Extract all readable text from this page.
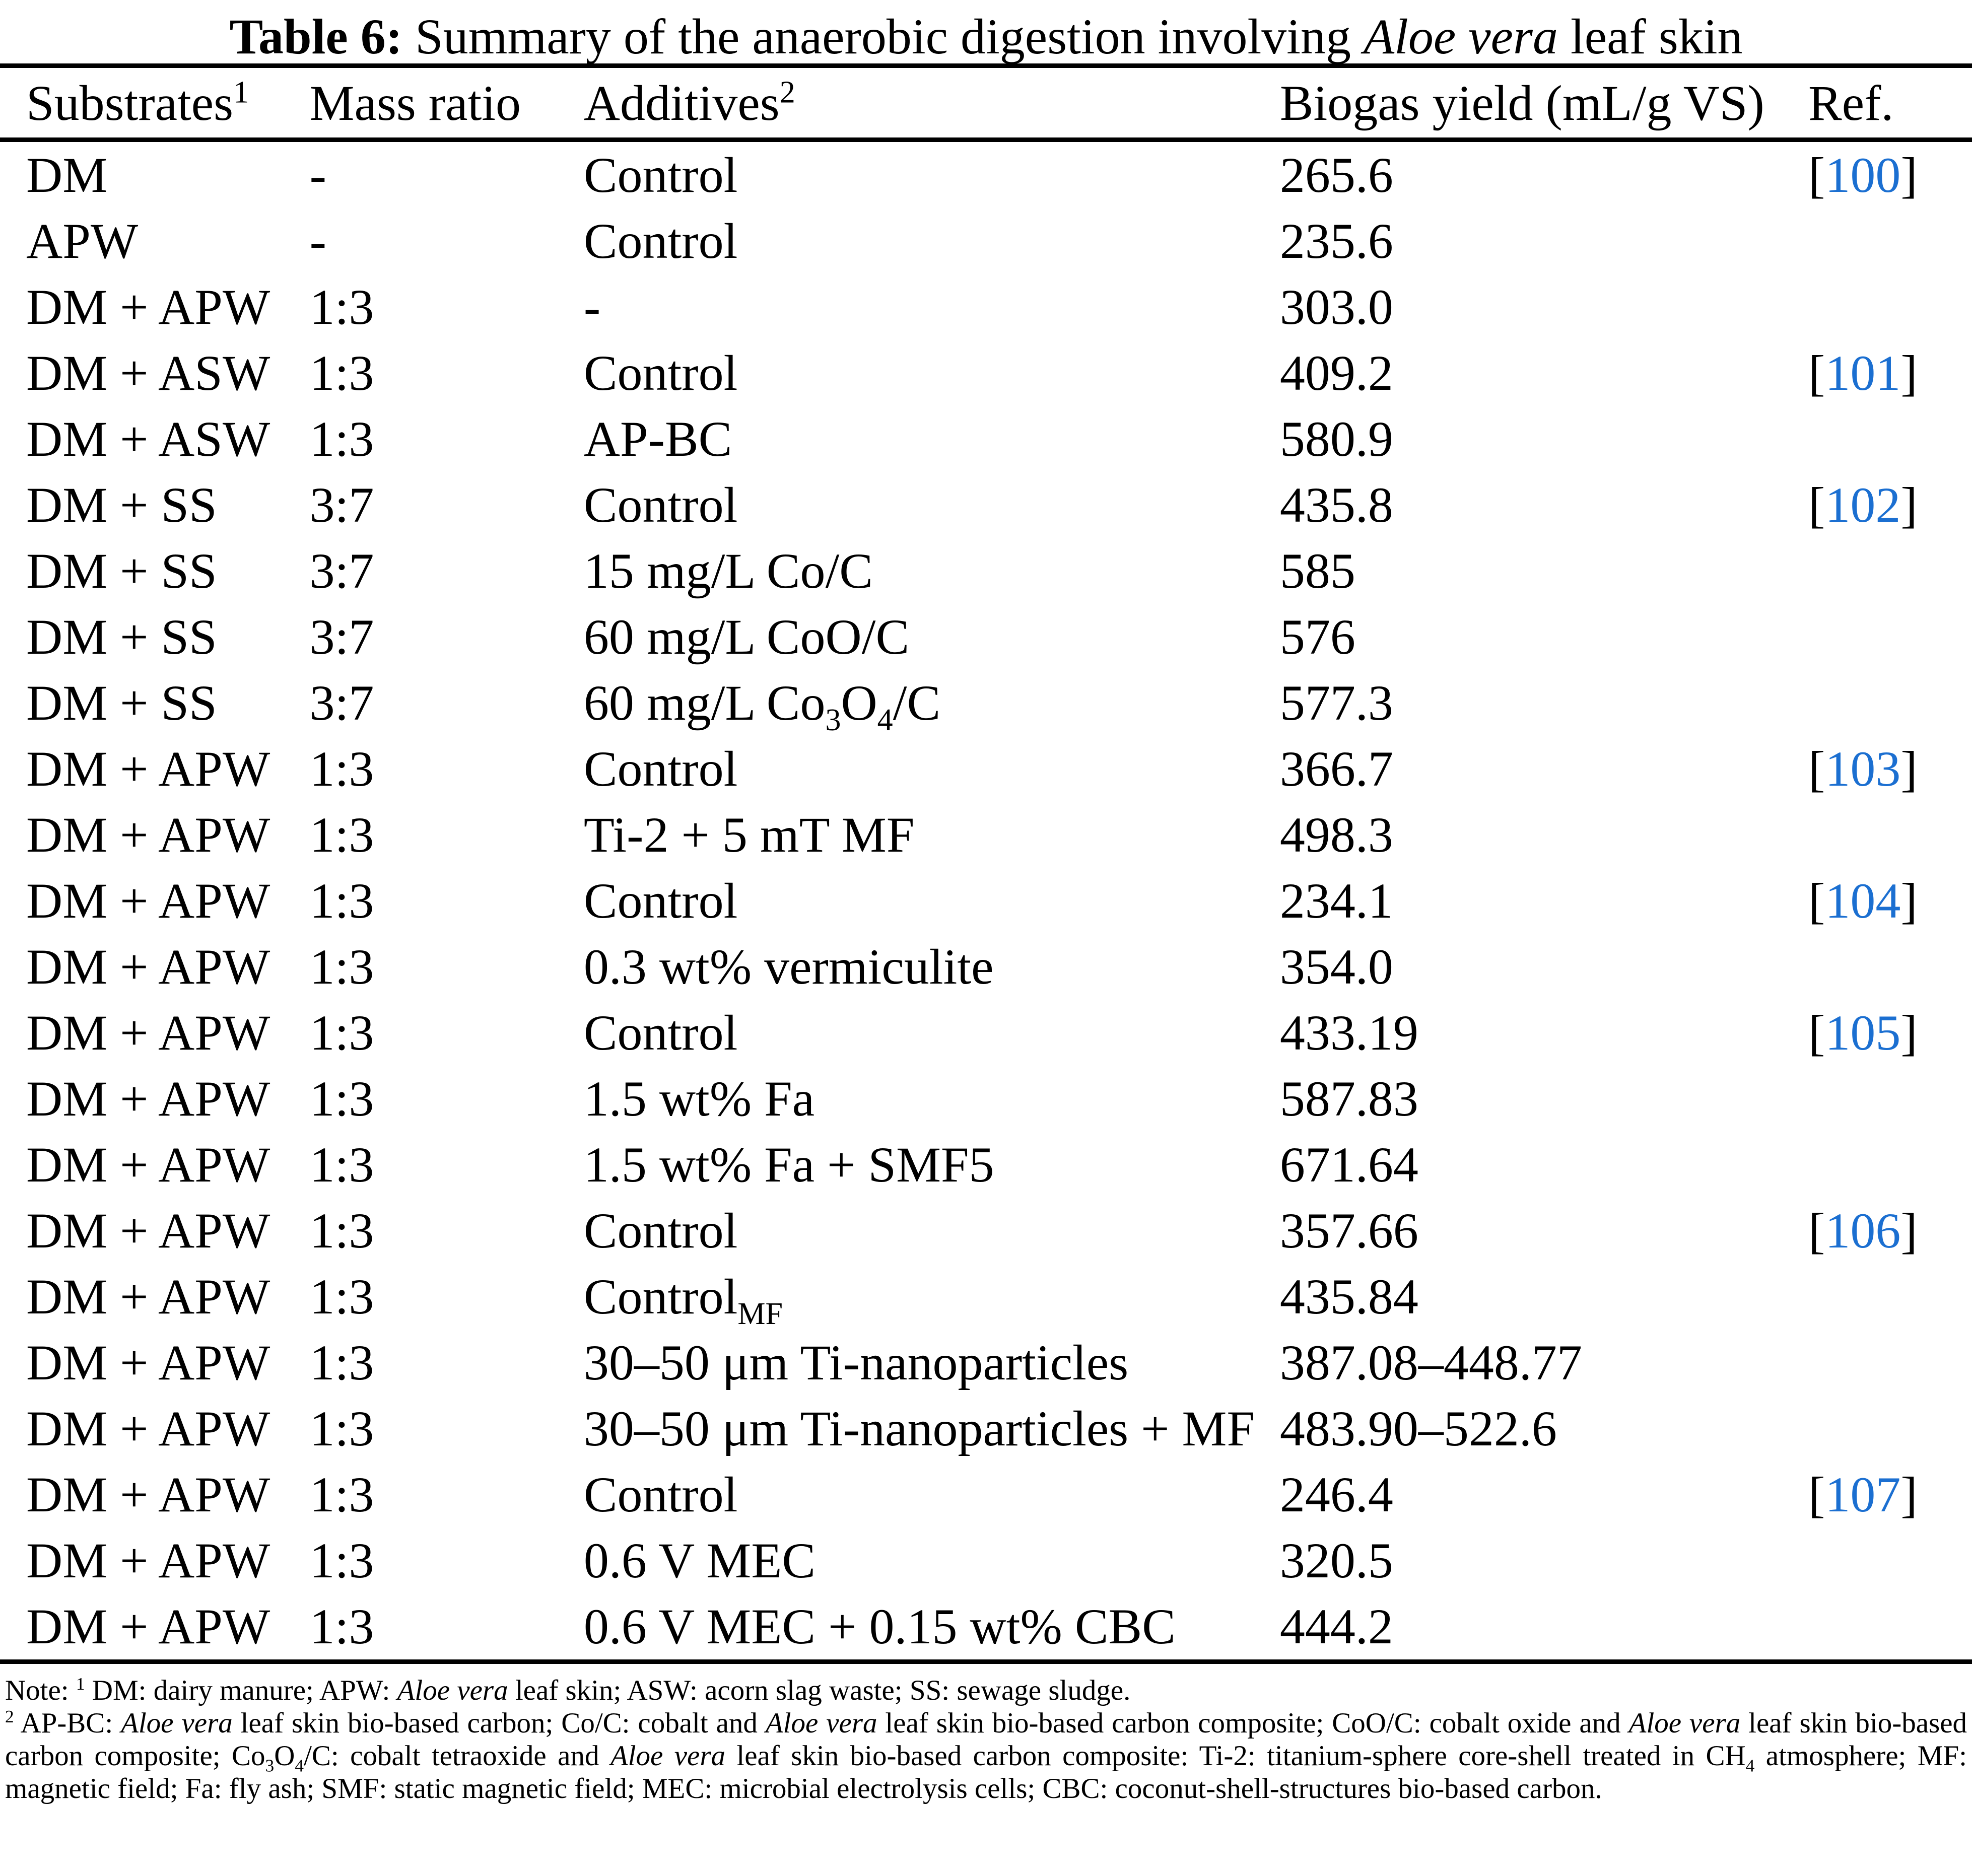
Table 6: Summary of the anaerobic digestion involving Aloe vera leaf skin
Substrates$^1$	Mass ratio	Additives$^2$	Biogas yield (mL/g VS)	Ref.
DM	-	Control	265.6	[100]
APW	-	Control	235.6	
DM + APW	1:3	-	303.0	
DM + ASW	1:3	Control	409.2	[101]
DM + ASW	1:3	AP-BC	580.9	
DM + SS	3:7	Control	435.8	[102]
DM + SS	3:7	15 mg/L Co/C	585	
DM + SS	3:7	60 mg/L CoO/C	576	
DM + SS	3:7	60 mg/L $Co_3O_4/C$	577.3	
DM + APW	1:3	Control	366.7	[103]
DM + APW	1:3	Ti-2 + 5 mT MF	498.3	
DM + APW	1:3	Control	234.1	[104]
DM + APW	1:3	0.3 wt% vermiculite	354.0	
DM + APW	1:3	Control	433.19	[105]
DM + APW	1:3	1.5 wt% Fa	587.83	
DM + APW	1:3	1.5 wt% Fa + SMF5	671.64	
DM + APW	1:3	Control	357.66	[106]
DM + APW	1:3	Control$_{MF}$	435.84	
DM + APW	1:3	30–50 μm Ti-nanoparticles	387.08–448.77	
DM + APW	1:3	30–50 μm Ti-nanoparticles + MF	483.90–522.6	
DM + APW	1:3	Control	246.4	[107]
DM + APW	1:3	0.6 V MEC	320.5	
DM + APW	1:3	0.6 V MEC + 0.15 wt% CBC	444.2	
Note: $^1$ DM: dairy manure; APW: Aloe vera leaf skin; ASW: acorn slag waste; SS: sewage sludge.
$^2$ AP-BC: Aloe vera leaf skin bio-based carbon; Co/C: cobalt and Aloe vera leaf skin bio-based carbon composite; CoO/C: cobalt oxide and Aloe vera leaf skin bio-based carbon composite; $Co_3O_4/C$: cobalt tetraoxide and Aloe vera leaf skin bio-based carbon composite: Ti-2: titanium-sphere core-shell treated in $CH_4$ atmosphere; MF: magnetic field; Fa: fly ash; SMF: static magnetic field; MEC: microbial electrolysis cells; CBC: coconut-shell-structures bio-based carbon.
